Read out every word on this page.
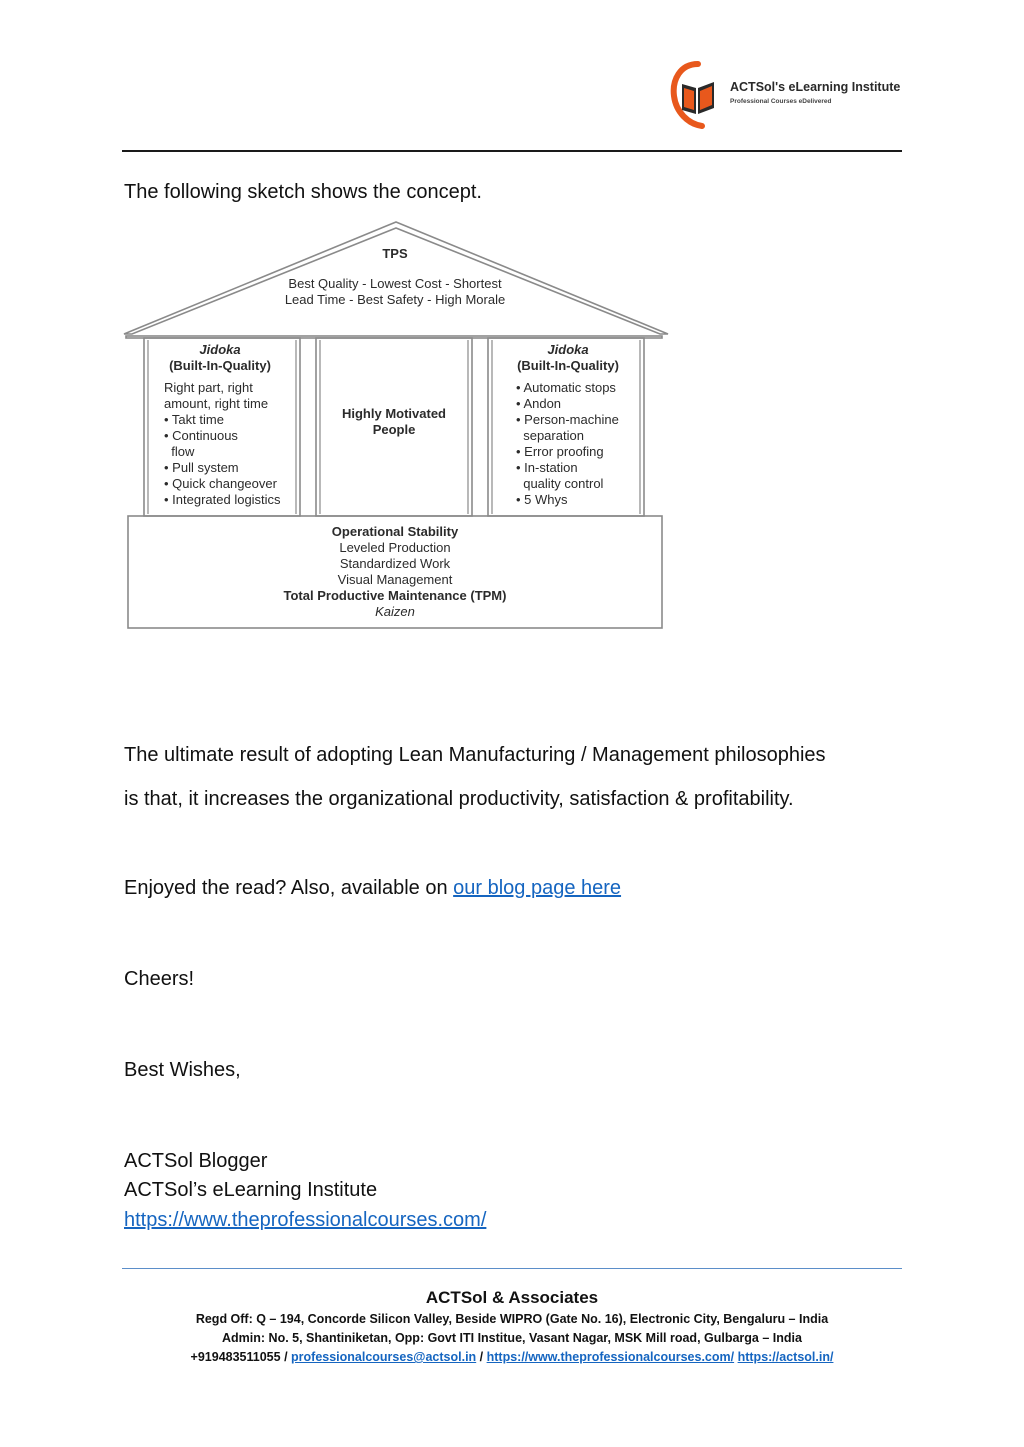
ACTSol's eLearning Institute
Professional Courses eDelivered
The following sketch shows the concept.
TPS
Best Quality - Lowest Cost - Shortest
Lead Time - Best Safety - High Morale
Jidoka
(Built-In-Quality)
Right part, right
amount, right time
• Takt time
• Continuous
flow
• Pull system
• Quick changeover
• Integrated logistics
Highly Motivated
People
Jidoka
(Built-In-Quality)
• Automatic stops
• Andon
• Person-machine
separation
• Error proofing
• In-station
quality control
• 5 Whys
Operational Stability
Leveled Production
Standardized Work
Visual Management
Total Productive Maintenance (TPM)
Kaizen
The ultimate result of adopting Lean Manufacturing / Management philosophies
is that, it increases the organizational productivity, satisfaction & profitability.
Enjoyed the read? Also, available on our blog page here
Cheers!
Best Wishes,
ACTSol Blogger
ACTSol’s eLearning Institute
https://www.theprofessionalcourses.com/
ACTSol & Associates
Regd Off: Q – 194, Concorde Silicon Valley, Beside WIPRO (Gate No. 16), Electronic City, Bengaluru – India
Admin: No. 5, Shantiniketan, Opp: Govt ITI Institue, Vasant Nagar, MSK Mill road, Gulbarga – India
+919483511055 / professionalcourses@actsol.in / https://www.theprofessionalcourses.com/ https://actsol.in/
